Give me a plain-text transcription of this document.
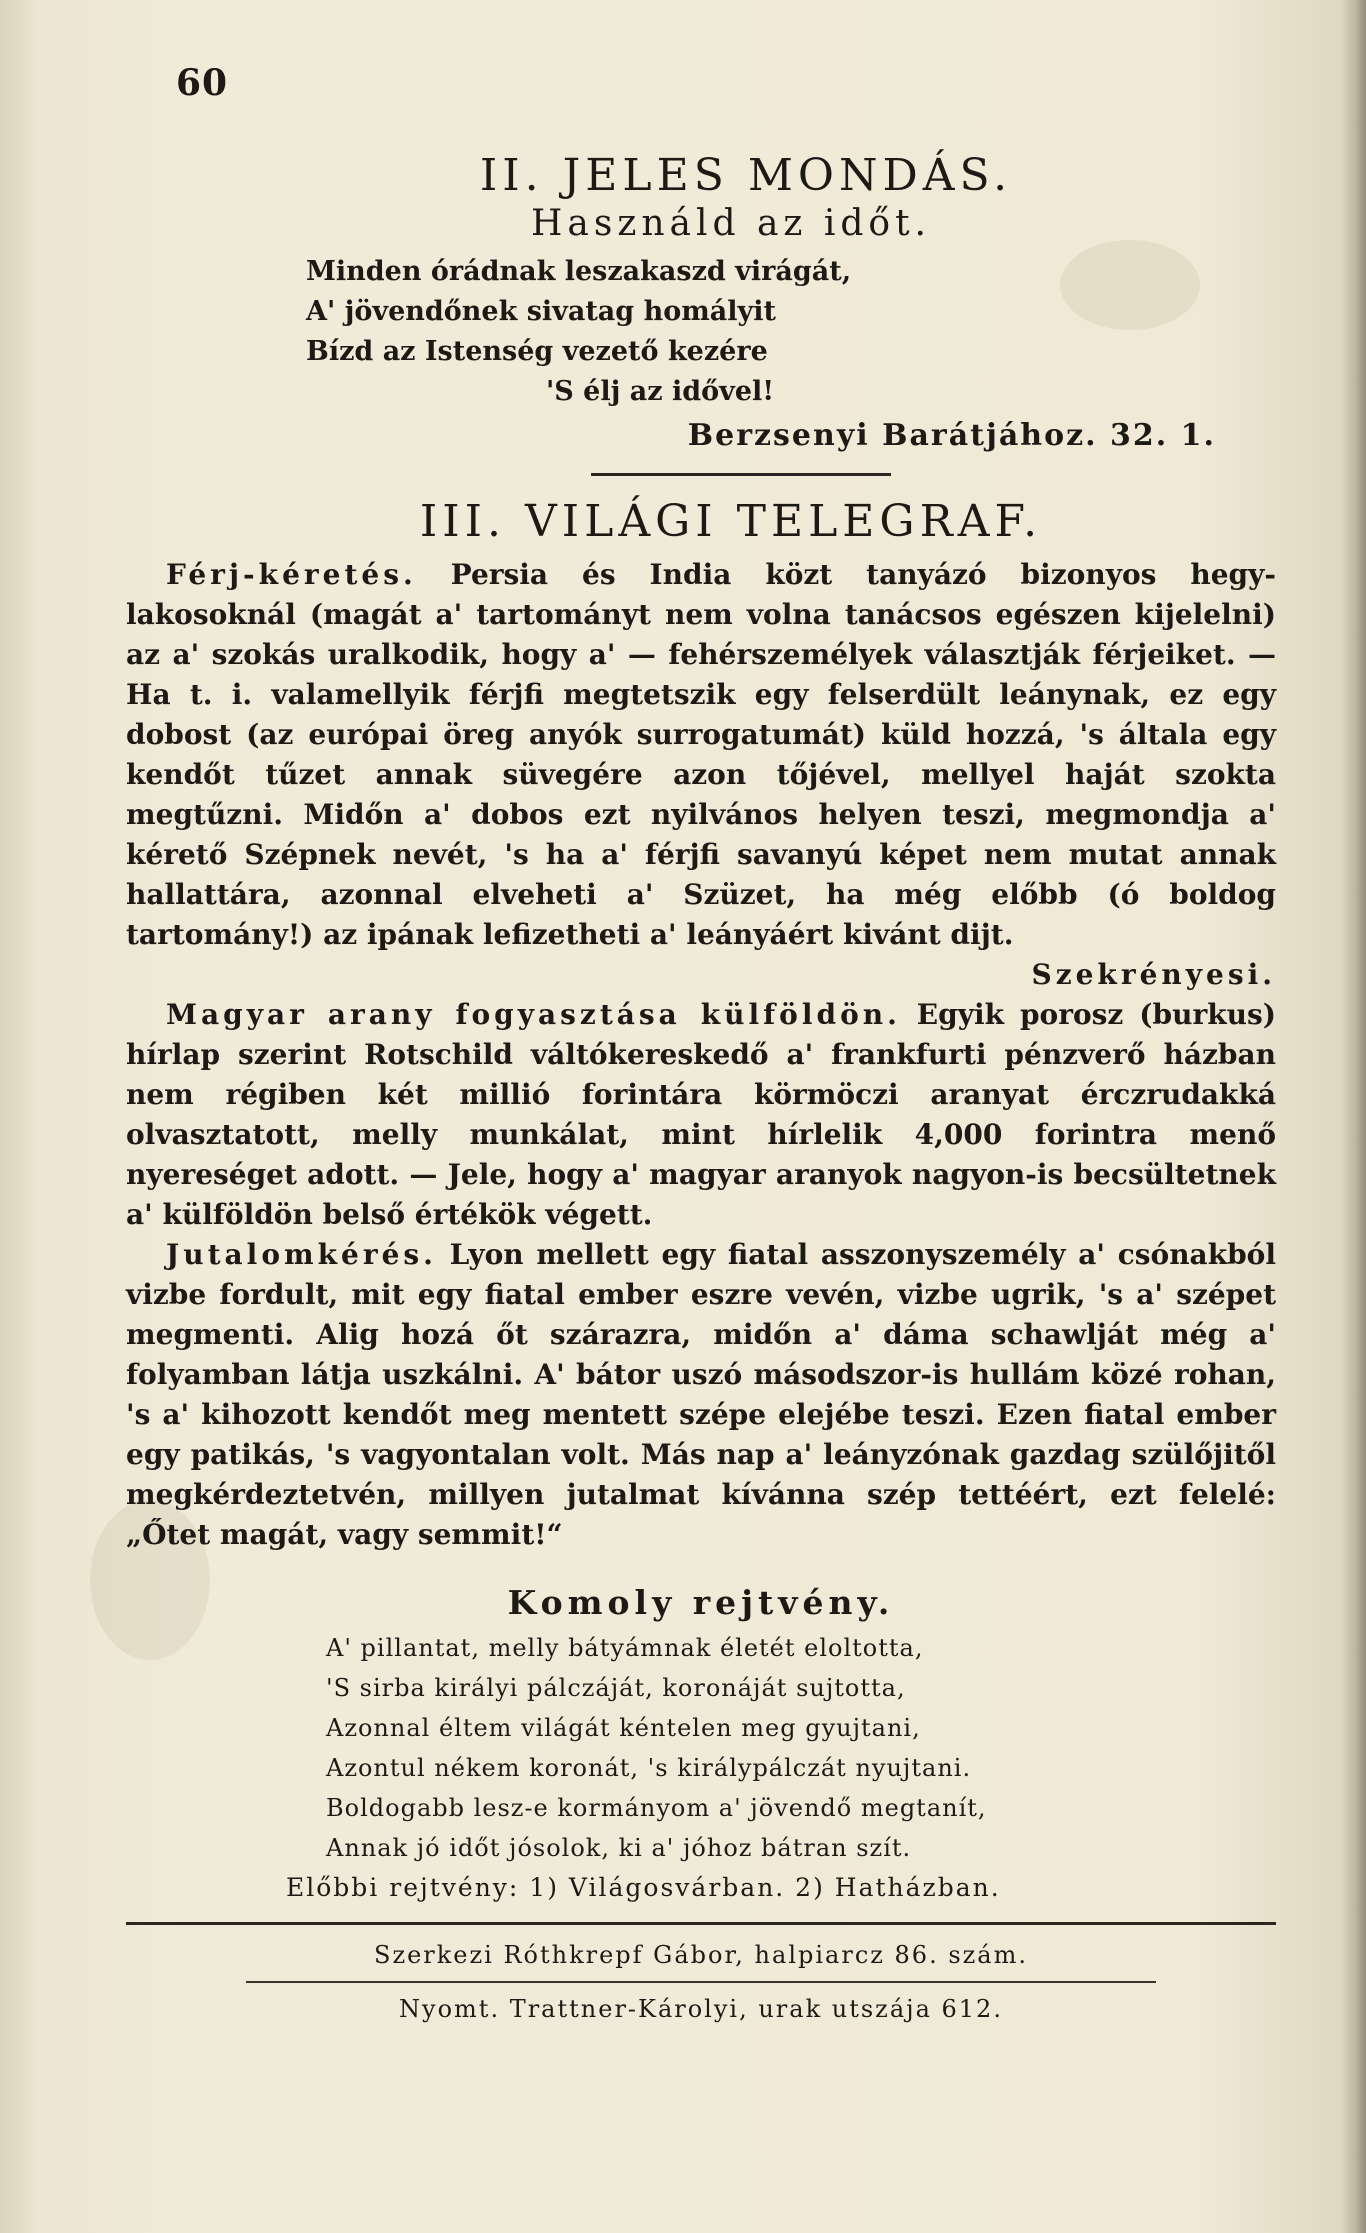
60
II. JELES MONDÁS.
Használd az időt.
Minden órádnak leszakaszd virágát,
A' jövendőnek sivatag homályit
Bízd az Istenség vezető kezére
'S élj az idővel!
Berzsenyi Barátjához. 32. 1.
III. VILÁGI TELEGRAF.

Férj-kéretés. Persia és India közt tanyázó bizonyos hegy-lakosoknál (magát a' tartományt nem volna tanácsos egészen kijelelni) az a' szokás uralkodik, hogy a' — fehérszemélyek választják férjeiket. — Ha t. i. valamellyik férjfi megtetszik egy felserdült leánynak, ez egy dobost (az európai öreg anyók surrogatumát) küld hozzá, 's általa egy kendőt tűzet annak süvegére azon tőjével, mellyel haját szokta megtűzni. Midőn a' dobos ezt nyilvános helyen teszi, megmondja a' kérető Szépnek nevét, 's ha a' férjfi savanyú képet nem mutat annak hallattára, azonnal elveheti a' Szüzet, ha még előbb (ó boldog tartomány!) az ipának lefizetheti a' leányáért kivánt dijt.

Szekrényesi.

Magyar arany fogyasztása külföldön. Egyik porosz (burkus) hírlap szerint Rotschild váltókereskedő a' frankfurti pénzverő házban nem régiben két millió forintára körmöczi aranyat érczrudakká olvasztatott, melly munkálat, mint hírlelik 4,000 forintra menő nyereséget adott. — Jele, hogy a' magyar aranyok nagyon-is becsültetnek a' külföldön belső értékök végett.

Jutalomkérés. Lyon mellett egy fiatal asszonyszemély a' csónakból vizbe fordult, mit egy fiatal ember eszre vevén, vizbe ugrik, 's a' szépet megmenti. Alig hozá őt szárazra, midőn a' dáma schawlját még a' folyamban látja uszkálni. A' bátor uszó másodszor-is hullám közé rohan, 's a' kihozott kendőt meg mentett szépe elejébe teszi. Ezen fiatal ember egy patikás, 's vagyontalan volt. Más nap a' leányzónak gazdag szülőjitől megkérdeztetvén, millyen jutalmat kívánna szép tettéért, ezt felelé: „Őtet magát, vagy semmit!“

Komoly rejtvény.
A' pillantat, melly bátyámnak életét eloltotta,
'S sirba királyi pálczáját, koronáját sujtotta,
Azonnal éltem világát kéntelen meg gyujtani,
Azontul nékem koronát, 's királypálczát nyujtani.
Boldogabb lesz-e kormányom a' jövendő megtanít,
Annak jó időt jósolok, ki a' jóhoz bátran szít.
Előbbi rejtvény: 1) Világosvárban. 2) Hatházban.
Szerkezi Róthkrepf Gábor, halpiarcz 86. szám.
Nyomt. Trattner-Károlyi, urak utszája 612.
